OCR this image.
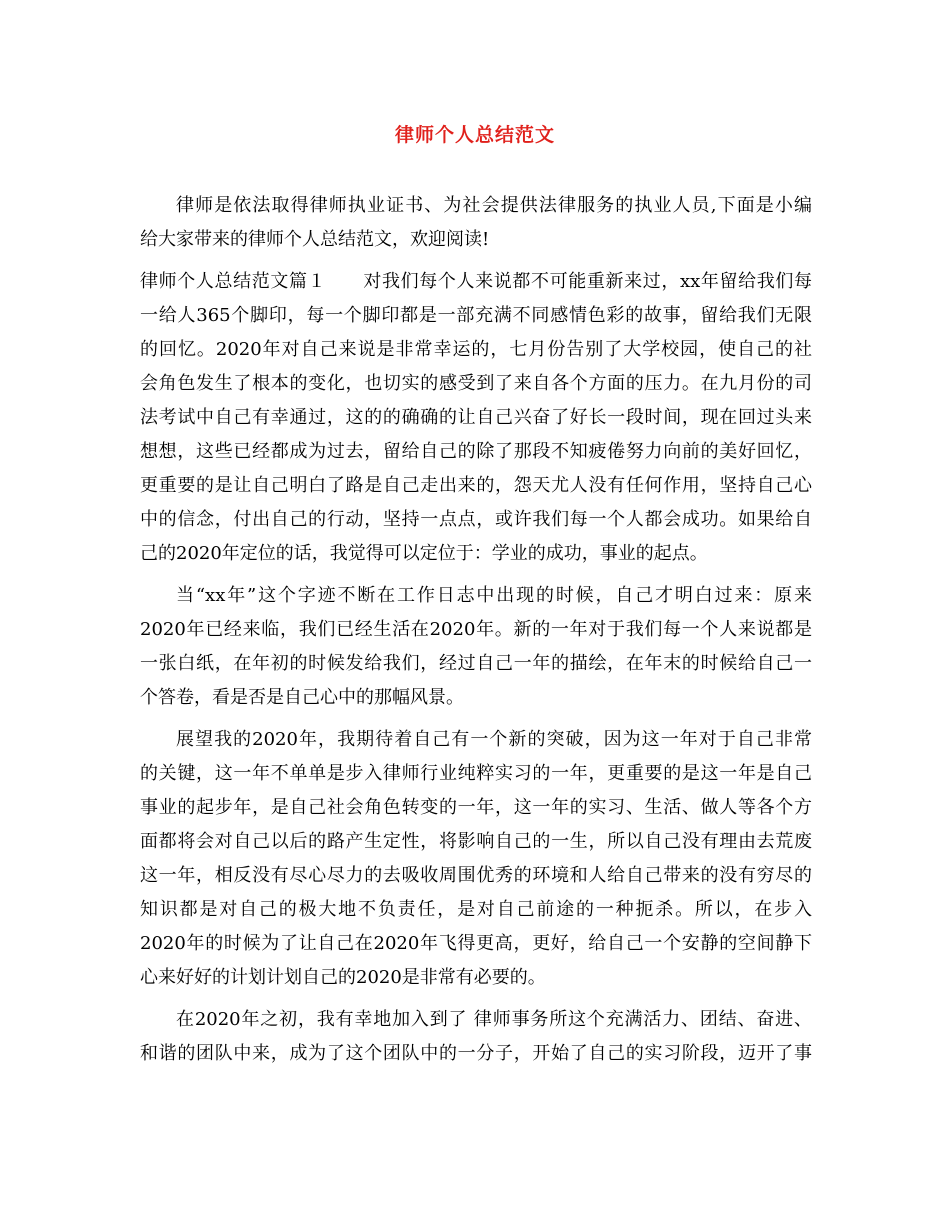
律师个人总结范文
律师是依法取得律师执业证书、为社会提供法律服务的执业人员,下面是小编
给大家带来的律师个人总结范文，欢迎阅读!
律师个人总结范文篇１　　对我们每个人来说都不可能重新来过，xx年留给我们每
一给人365个脚印，每一个脚印都是一部充满不同感情色彩的故事，留给我们无限
的回忆。2020年对自己来说是非常幸运的，七月份告别了大学校园，使自己的社
会角色发生了根本的变化，也切实的感受到了来自各个方面的压力。在九月份的司
法考试中自己有幸通过，这的的确确的让自己兴奋了好长一段时间，现在回过头来
想想，这些已经都成为过去，留给自己的除了那段不知疲倦努力向前的美好回忆，
更重要的是让自己明白了路是自己走出来的，怨天尤人没有任何作用，坚持自己心
中的信念，付出自己的行动，坚持一点点，或许我们每一个人都会成功。如果给自
己的2020年定位的话，我觉得可以定位于：学业的成功，事业的起点。
当“xx年”这个字迹不断在工作日志中出现的时候，自己才明白过来：原来
2020年已经来临，我们已经生活在2020年。新的一年对于我们每一个人来说都是
一张白纸，在年初的时候发给我们，经过自己一年的描绘，在年末的时候给自己一
个答卷，看是否是自己心中的那幅风景。
展望我的2020年，我期待着自己有一个新的突破，因为这一年对于自己非常
的关键，这一年不单单是步入律师行业纯粹实习的一年，更重要的是这一年是自己
事业的起步年，是自己社会角色转变的一年，这一年的实习、生活、做人等各个方
面都将会对自己以后的路产生定性，将影响自己的一生，所以自己没有理由去荒废
这一年，相反没有尽心尽力的去吸收周围优秀的环境和人给自己带来的没有穷尽的
知识都是对自己的极大地不负责任，是对自己前途的一种扼杀。所以，在步入
2020年的时候为了让自己在2020年飞得更高，更好，给自己一个安静的空间静下
心来好好的计划计划自己的2020是非常有必要的。
在2020年之初，我有幸地加入到了 律师事务所这个充满活力、团结、奋进、
和谐的团队中来，成为了这个团队中的一分子，开始了自己的实习阶段，迈开了事
